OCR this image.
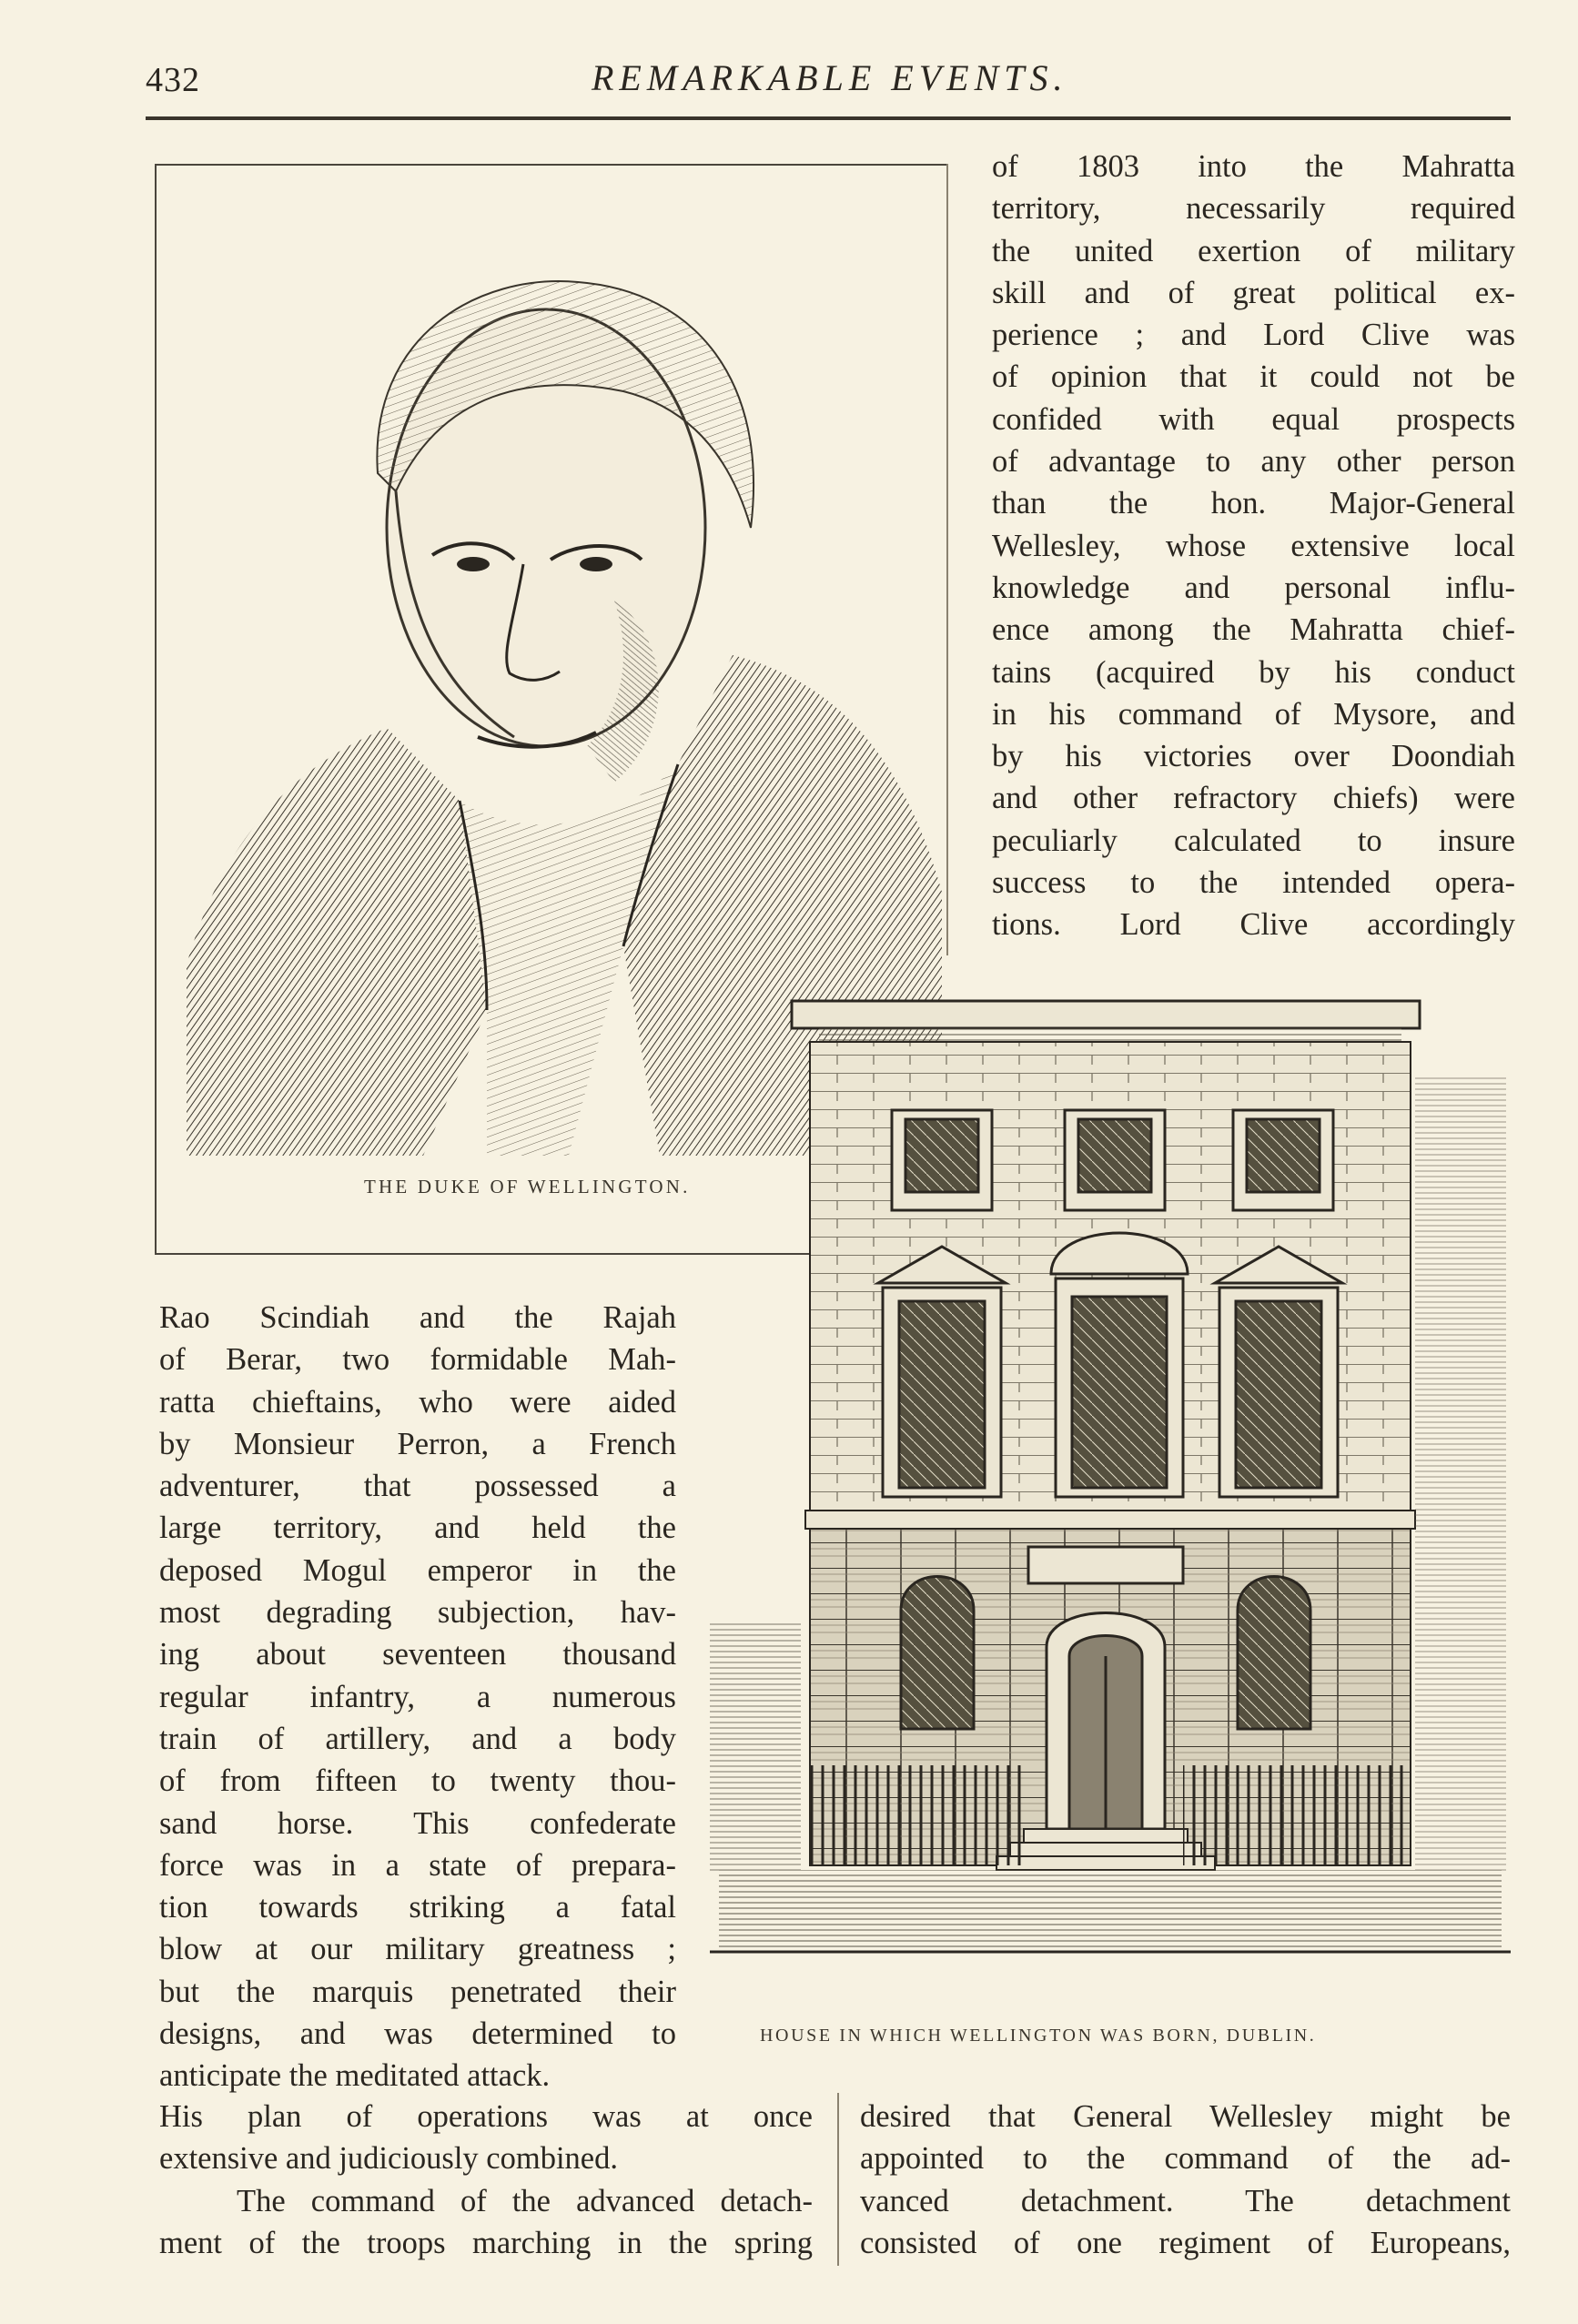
432	REMARKABLE EVENTS.
THE DUKE OF WELLINGTON.
of 1803 into the Mahratta
territory, necessarily required
the united exertion of military
skill and of great political ex-
perience ; and Lord Clive was
of opinion that it could not be
confided with equal prospects
of advantage to any other person
than the hon. Major-General
Wellesley, whose extensive local
knowledge and personal influ-
ence among the Mahratta chief-
tains (acquired by his conduct
in his command of Mysore, and
by his victories over Doondiah
and other refractory chiefs) were
peculiarly calculated to insure
success to the intended opera-
tions. Lord Clive accordingly
HOUSE IN WHICH WELLINGTON WAS BORN, DUBLIN.
Rao Scindiah and the Rajah
of Berar, two formidable Mah-
ratta chieftains, who were aided
by Monsieur Perron, a French
adventurer, that possessed a
large territory, and held the
deposed Mogul emperor in the
most degrading subjection, hav-
ing about seventeen thousand
regular infantry, a numerous
train of artillery, and a body
of from fifteen to twenty thou-
sand horse. This confederate
force was in a state of prepara-
tion towards striking a fatal
blow at our military greatness ;
but the marquis penetrated their
designs, and was determined to
anticipate the meditated attack.
His plan of operations was at once
extensive and judiciously combined.
The command of the advanced detach-
ment of the troops marching in the spring
desired that General Wellesley might be
appointed to the command of the ad-
vanced detachment. The detachment
consisted of one regiment of Europeans,
